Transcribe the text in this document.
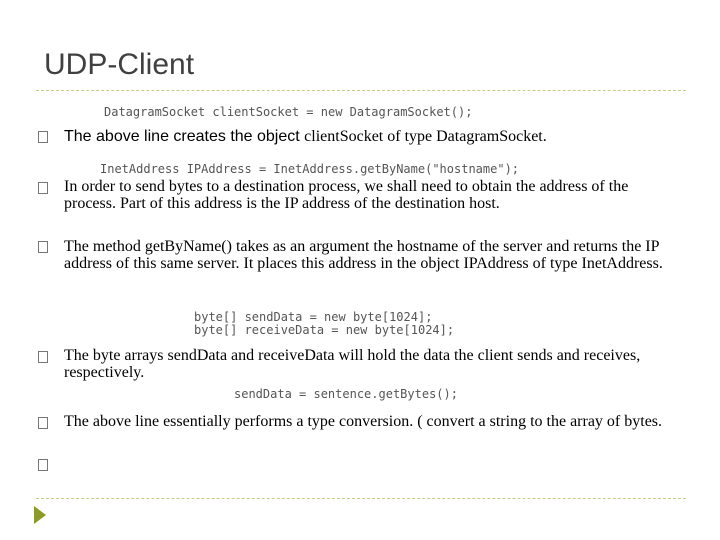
UDP-Client
DatagramSocket clientSocket = new DatagramSocket();
The above line creates the object clientSocket of type DatagramSocket.
InetAddress IPAddress = InetAddress.getByName("hostname");
In order to send bytes to a destination process, we shall need to obtain the address of the process. Part of this address is the IP address of the destination host.
The method getByName() takes as an argument the hostname of the server and returns the IP address of this same server. It places this address in the object IPAddress of type InetAddress.
byte[] sendData = new byte[1024];
byte[] receiveData = new byte[1024];
The byte arrays sendData and receiveData will hold the data the client sends and receives, respectively.
sendData = sentence.getBytes();
The above line essentially performs a type conversion. ( convert a string to the array of bytes.
